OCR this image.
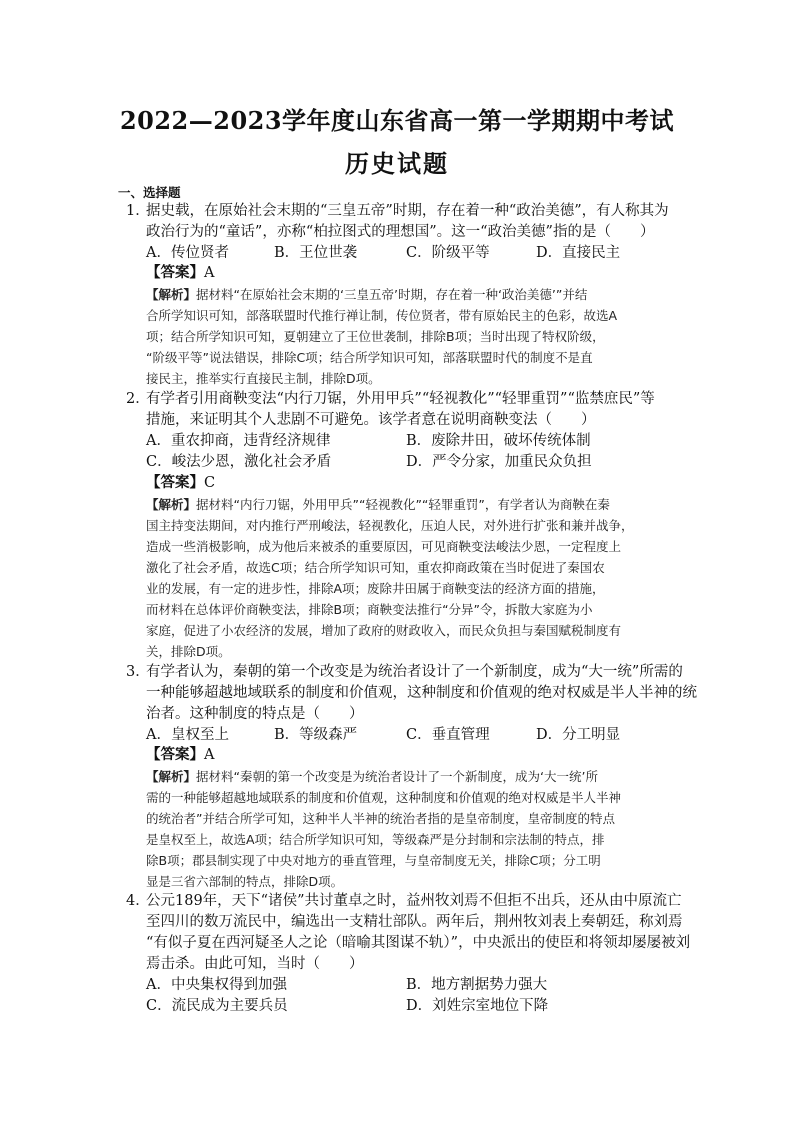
2022—2023学年度山东省高一第一学期期中考试
历史试题
一、选择题
1．
据史载，在原始社会末期的“三皇五帝”时期，存在着一种“政治美德”，有人称其为
政治行为的“童话”，亦称“柏拉图式的理想国”。这一“政治美德”指的是（　　）
A．传位贤者	B．王位世袭	C．阶级平等	D．直接民主
【答案】A
【解析】据材料“在原始社会末期的‘三皇五帝’时期，存在着一种‘政治美德’”并结
合所学知识可知，部落联盟时代推行禅让制，传位贤者，带有原始民主的色彩，故选A
项；结合所学知识可知，夏朝建立了王位世袭制，排除B项；当时出现了特权阶级，
“阶级平等”说法错误，排除C项；结合所学知识可知，部落联盟时代的制度不是直
接民主，推举实行直接民主制，排除D项。
2．
有学者引用商鞅变法“内行刀锯，外用甲兵”“轻视教化”“轻罪重罚”“监禁庶民”等
措施，来证明其个人悲剧不可避免。该学者意在说明商鞅变法（　　）
A．重农抑商，违背经济规律	B．废除井田，破坏传统体制
C．峻法少恩，激化社会矛盾	D．严令分家，加重民众负担
【答案】C
【解析】据材料“内行刀锯，外用甲兵”“轻视教化”“轻罪重罚”，有学者认为商鞅在秦
国主持变法期间，对内推行严刑峻法，轻视教化，压迫人民，对外进行扩张和兼并战争，
造成一些消极影响，成为他后来被杀的重要原因，可见商鞅变法峻法少恩，一定程度上
激化了社会矛盾，故选C项；结合所学知识可知，重农抑商政策在当时促进了秦国农
业的发展，有一定的进步性，排除A项；废除井田属于商鞅变法的经济方面的措施，
而材料在总体评价商鞅变法，排除B项；商鞅变法推行“分异”令，拆散大家庭为小
家庭，促进了小农经济的发展，增加了政府的财政收入，而民众负担与秦国赋税制度有
关，排除D项。
3．
有学者认为，秦朝的第一个改变是为统治者设计了一个新制度，成为“大一统”所需的
一种能够超越地域联系的制度和价值观，这种制度和价值观的绝对权威是半人半神的统
治者。这种制度的特点是（　　）
A．皇权至上	B．等级森严	C．垂直管理	D．分工明显
【答案】A
【解析】据材料“秦朝的第一个改变是为统治者设计了一个新制度，成为‘大一统’所
需的一种能够超越地域联系的制度和价值观，这种制度和价值观的绝对权威是半人半神
的统治者”并结合所学可知，这种半人半神的统治者指的是皇帝制度，皇帝制度的特点
是皇权至上，故选A项；结合所学知识可知，等级森严是分封制和宗法制的特点，排
除B项；郡县制实现了中央对地方的垂直管理，与皇帝制度无关，排除C项；分工明
显是三省六部制的特点，排除D项。
4．
公元189年，天下“诸侯”共讨董卓之时，益州牧刘焉不但拒不出兵，还从由中原流亡
至四川的数万流民中，编选出一支精壮部队。两年后，荆州牧刘表上奏朝廷，称刘焉
“有似子夏在西河疑圣人之论（暗喻其图谋不轨）”，中央派出的使臣和将领却屡屡被刘
焉击杀。由此可知，当时（　　）
A．中央集权得到加强	B．地方割据势力强大
C．流民成为主要兵员	D．刘姓宗室地位下降
